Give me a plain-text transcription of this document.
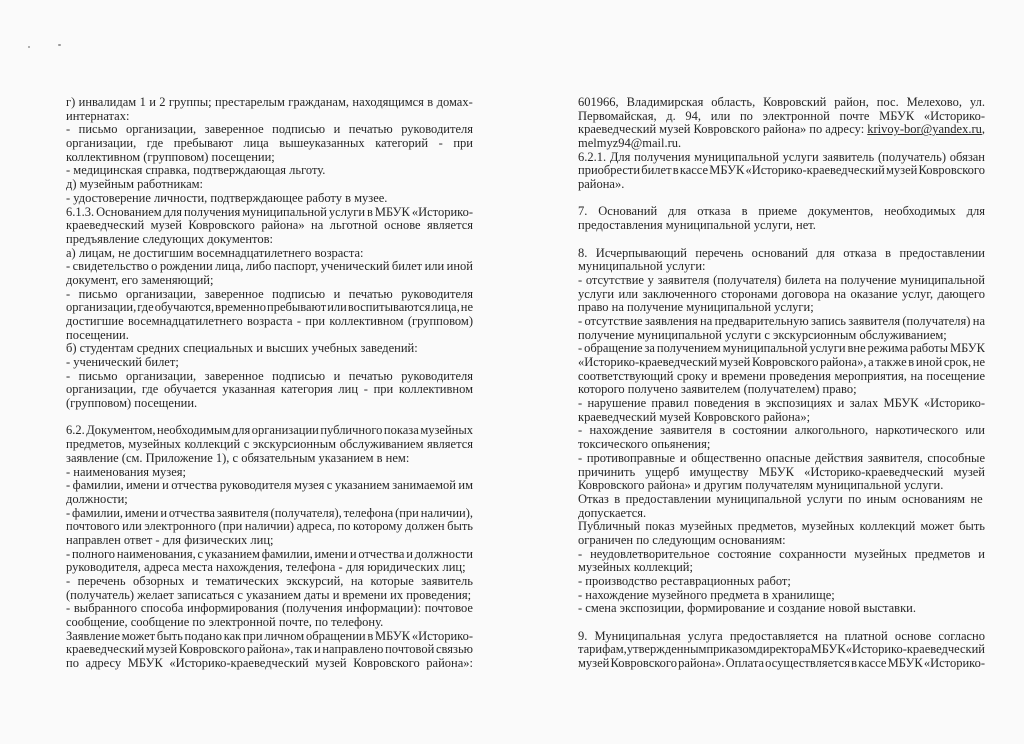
г) инвалидам 1 и 2 группы; престарелым гражданам, находящимся в домах-
интернатах:
- письмо организации, заверенное подписью и печатью руководителя
организации, где пребывают лица вышеуказанных категорий - при
коллективном (групповом) посещении;
- медицинская справка, подтверждающая льготу.
д) музейным работникам:
- удостоверение личности, подтверждающее работу в музее.
6.1.3. Основанием для получения муниципальной услуги в МБУК «Историко-
краеведческий музей Ковровского района» на льготной основе является
предъявление следующих документов:
а) лицам, не достигшим восемнадцатилетнего возраста:
- свидетельство о рождении лица, либо паспорт, ученический билет или иной
документ, его заменяющий;
- письмо организации, заверенное подписью и печатью руководителя
организации, где обучаются, временно пребывают или воспитываются лица, не
достигшие восемнадцатилетнего возраста - при коллективном (групповом)
посещении.
б) студентам средних специальных и высших учебных заведений:
- ученический билет;
- письмо организации, заверенное подписью и печатью руководителя
организации, где обучается указанная категория лиц - при коллективном
(групповом) посещении.
6.2. Документом, необходимым для организации публичного показа музейных
предметов, музейных коллекций с экскурсионным обслуживанием является
заявление (см. Приложение 1), с обязательным указанием в нем:
- наименования музея;
- фамилии, имени и отчества руководителя музея с указанием занимаемой им
должности;
- фамилии, имени и отчества заявителя (получателя), телефона (при наличии),
почтового или электронного (при наличии) адреса, по которому должен быть
направлен ответ - для физических лиц;
- полного наименования, с указанием фамилии, имени и отчества и должности
руководителя, адреса места нахождения, телефона - для юридических лиц;
- перечень обзорных и тематических экскурсий, на которые заявитель
(получатель) желает записаться с указанием даты и времени их проведения;
- выбранного способа информирования (получения информации): почтовое
сообщение, сообщение по электронной почте, по телефону.
Заявление может быть подано как при личном обращении в МБУК «Историко-
краеведческий музей Ковровского района», так и направлено почтовой связью
по адресу МБУК «Историко-краеведческий музей Ковровского района»:
601966, Владимирская область, Ковровский район, пос. Мелехово, ул.
Первомайская, д. 94, или по электронной почте МБУК «Историко-
краеведческий музей Ковровского района» по адресу: krivoy-bor@yandex.ru,
melmyz94@mail.ru.
6.2.1. Для получения муниципальной услуги заявитель (получатель) обязан
приобрести билет в кассе МБУК «Историко-краеведческий музей Ковровского
района».
7. Оснований для отказа в приеме документов, необходимых для
предоставления муниципальной услуги, нет.
8. Исчерпывающий перечень оснований для отказа в предоставлении
муниципальной услуги:
- отсутствие у заявителя (получателя) билета на получение муниципальной
услуги или заключенного сторонами договора на оказание услуг, дающего
право на получение муниципальной услуги;
- отсутствие заявления на предварительную запись заявителя (получателя) на
получение муниципальной услуги с экскурсионным обслуживанием;
- обращение за получением муниципальной услуги вне режима работы МБУК
«Историко-краеведческий музей Ковровского района», а также в иной срок, не
соответствующий сроку и времени проведения мероприятия, на посещение
которого получено заявителем (получателем) право;
- нарушение правил поведения в экспозициях и залах МБУК «Историко-
краеведческий музей Ковровского района»;
- нахождение заявителя в состоянии алкогольного, наркотического или
токсического опьянения;
- противоправные и общественно опасные действия заявителя, способные
причинить ущерб имуществу МБУК «Историко-краеведческий музей
Ковровского района» и другим получателям муниципальной услуги.
Отказ в предоставлении муниципальной услуги по иным основаниям не
допускается.
Публичный показ музейных предметов, музейных коллекций может быть
ограничен по следующим основаниям:
- неудовлетворительное состояние сохранности музейных предметов и
музейных коллекций;
- производство реставрационных работ;
- нахождение музейного предмета в хранилище;
- смена экспозиции, формирование и создание новой выставки.
9. Муниципальная услуга предоставляется на платной основе согласно
тарифам, утвержденным приказом директора МБУК «Историко-краеведческий
музей Ковровского района». Оплата осуществляется в кассе МБУК «Историко-
